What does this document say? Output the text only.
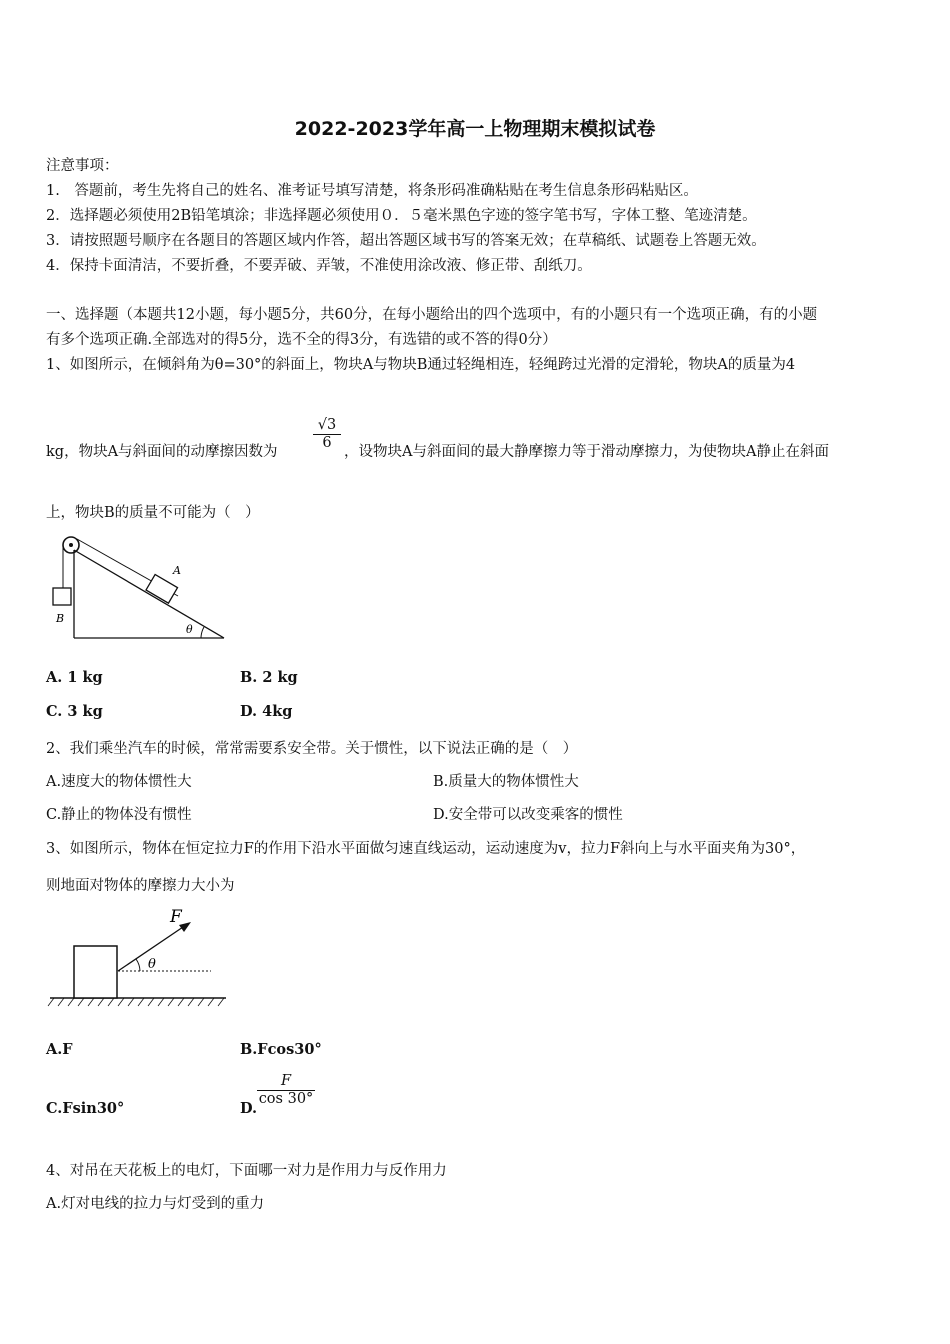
2022-2023学年高一上物理期末模拟试卷
注意事项：
1.　答题前，考生先将自己的姓名、准考证号填写清楚，将条形码准确粘贴在考生信息条形码粘贴区。
2．选择题必须使用2B铅笔填涂；非选择题必须使用０．５毫米黑色字迹的签字笔书写，字体工整、笔迹清楚。
3．请按照题号顺序在各题目的答题区域内作答，超出答题区域书写的答案无效；在草稿纸、试题卷上答题无效。
4．保持卡面清洁，不要折叠，不要弄破、弄皱，不准使用涂改液、修正带、刮纸刀。
一、选择题（本题共12小题，每小题5分，共60分，在每小题给出的四个选项中，有的小题只有一个选项正确，有的小题
有多个选项正确.全部选对的得5分，选不全的得3分，有选错的或不答的得0分）
1、如图所示，在倾斜角为θ=30°的斜面上，物块A与物块B通过轻绳相连，轻绳跨过光滑的定滑轮，物块A的质量为4
kg，物块A与斜面间的动摩擦因数为
$\frac{√3}{6}$
，设物块A与斜面间的最大静摩擦力等于滑动摩擦力，为使物块A静止在斜面
上，物块B的质量不可能为（　）
A
B
θ
A. 1 kg	B. 2 kg
C. 3 kg	D. 4kg
2、我们乘坐汽车的时候，常常需要系安全带。关于惯性，以下说法正确的是（　）
A.速度大的物体惯性大	B.质量大的物体惯性大
C.静止的物体没有惯性	D.安全带可以改变乘客的惯性
3、如图所示，物体在恒定拉力F的作用下沿水平面做匀速直线运动，运动速度为v，拉力F斜向上与水平面夹角为30°，
则地面对物体的摩擦力大小为
F
θ
A.F	B.Fcos30°
C.Fsin30°	D.
$\frac{F}{\cos 30^\circ}$
4、对吊在天花板上的电灯，下面哪一对力是作用力与反作用力
A.灯对电线的拉力与灯受到的重力
